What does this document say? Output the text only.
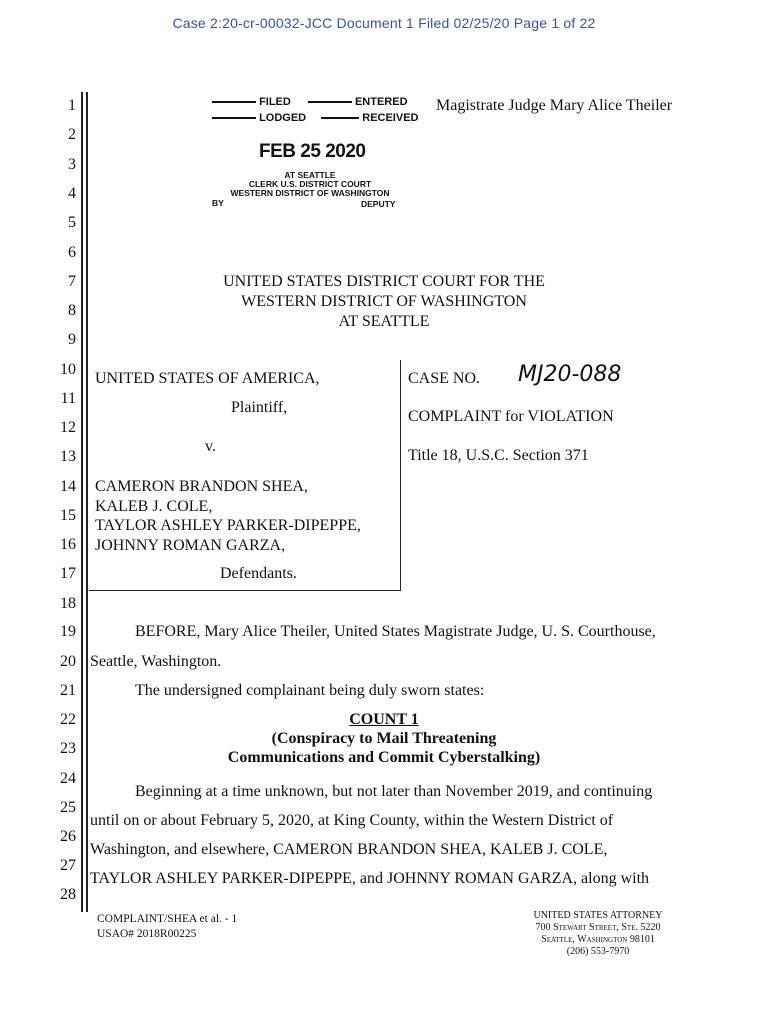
Case 2:20-cr-00032-JCC Document 1 Filed 02/25/20 Page 1 of 22
1
2
3
4
5
6
7
8
9
10
11
12
13
14
15
16
17
18
19
20
21
22
23
24
25
26
27
28
FILED	ENTERED
LODGED	RECEIVED
FEB 25 2020
AT SEATTLE
CLERK U.S. DISTRICT COURT
WESTERN DISTRICT OF WASHINGTON
BY	DEPUTY
Magistrate Judge Mary Alice Theiler
UNITED STATES DISTRICT COURT FOR THE
WESTERN DISTRICT OF WASHINGTON
AT SEATTLE
UNITED STATES OF AMERICA,
Plaintiff,
v.
CAMERON BRANDON SHEA,
KALEB J. COLE,
TAYLOR ASHLEY PARKER-DIPEPPE,
JOHNNY ROMAN GARZA,
Defendants.
CASE NO. MJ20-088
COMPLAINT for VIOLATION
Title 18, U.S.C. Section 371
BEFORE, Mary Alice Theiler, United States Magistrate Judge, U. S. Courthouse,
Seattle, Washington.
The undersigned complainant being duly sworn states:
COUNT 1
(Conspiracy to Mail Threatening
Communications and Commit Cyberstalking)
Beginning at a time unknown, but not later than November 2019, and continuing
until on or about February 5, 2020, at King County, within the Western District of
Washington, and elsewhere, CAMERON BRANDON SHEA, KALEB J. COLE,
TAYLOR ASHLEY PARKER-DIPEPPE, and JOHNNY ROMAN GARZA, along with
COMPLAINT/SHEA et al. - 1
USAO# 2018R00225
UNITED STATES ATTORNEY
700 Stewart Street, Ste. 5220
Seattle, Washington 98101
(206) 553-7970
